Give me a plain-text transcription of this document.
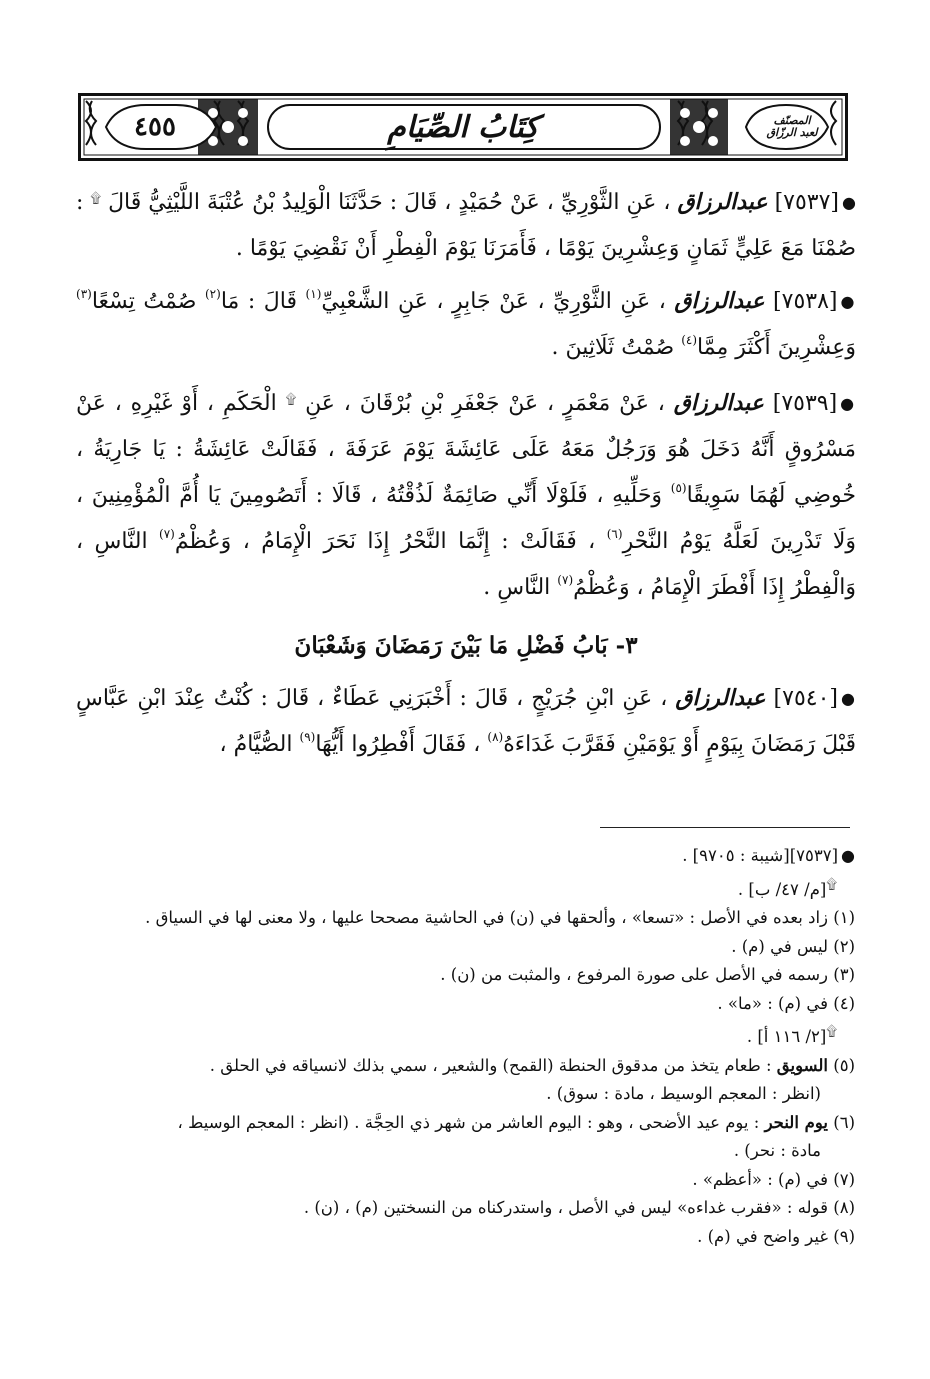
٤٥٥	كِتَابُ الصِّيَامِ	المصنّف
لعبد الرزّاق

●[٧٥٣٧] عبدالرزاق ، عَنِ الثَّوْرِيِّ ، عَنْ حُمَيْدٍ ، قَالَ : حَدَّثَنَا الْوَلِيدُ بْنُ عُتْبَةَ اللَّيْثِيُّ قَالَ ۩ : صُمْنَا مَعَ عَلِيٍّ ثَمَانٍ وَعِشْرِينَ يَوْمًا ، فَأَمَرَنَا يَوْمَ الْفِطْرِ أَنْ نَقْضِيَ يَوْمًا .

●[٧٥٣٨] عبدالرزاق ، عَنِ الثَّوْرِيِّ ، عَنْ جَابِرٍ ، عَنِ الشَّعْبِيِّ$^{(١)}$ قَالَ : مَا$^{(٢)}$ صُمْتُ تِسْعًا$^{(٣)}$ وَعِشْرِينَ أَكْثَرَ مِمَّا$^{(٤)}$ صُمْتُ ثَلَاثِينَ .

●[٧٥٣٩] عبدالرزاق ، عَنْ مَعْمَرٍ ، عَنْ جَعْفَرِ بْنِ بُرْقَانَ ، عَنِ ۩ الْحَكَمِ ، أَوْ غَيْرِهِ ، عَنْ مَسْرُوقٍ أَنَّهُ دَخَلَ هُوَ وَرَجُلٌ مَعَهُ عَلَى عَائِشَةَ يَوْمَ عَرَفَةَ ، فَقَالَتْ عَائِشَةُ : يَا جَارِيَةُ ، خُوضِي لَهُمَا سَوِيقًا$^{(٥)}$ وَحَلِّيهِ ، فَلَوْلَا أَنِّي صَائِمَةٌ لَذُقْتُهُ ، قَالَا : أَتَصُومِينَ يَا أُمَّ الْمُؤْمِنِينَ ، وَلَا تَدْرِينَ لَعَلَّهُ يَوْمُ النَّحْرِ$^{(٦)}$ ، فَقَالَتْ : إِنَّمَا النَّحْرُ إِذَا نَحَرَ الْإِمَامُ ، وَعُظْمُ$^{(٧)}$ النَّاسِ ، وَالْفِطْرُ إِذَا أَفْطَرَ الْإِمَامُ ، وَعُظْمُ$^{(٧)}$ النَّاسِ .

٣- بَابُ فَضْلِ مَا بَيْنَ رَمَضَانَ وَشَعْبَانَ

●[٧٥٤٠] عبدالرزاق ، عَنِ ابْنِ جُرَيْجٍ ، قَالَ : أَخْبَرَنِي عَطَاءٌ ، قَالَ : كُنْتُ عِنْدَ ابْنِ عَبَّاسٍ قَبْلَ رَمَضَانَ بِيَوْمٍ أَوْ يَوْمَيْنِ فَقَرَّبَ غَدَاءَهُ$^{(٨)}$ ، فَقَالَ أَفْطِرُوا أَيُّهَا$^{(٩)}$ الصُّيَّامُ ،

●[٧٥٣٧][شيبة : ٩٧٠٥] .

۩[م/ ٤٧/ ب] .

(١) زاد بعده في الأصل : «تسعا» ، وألحقها في (ن) في الحاشية مصححا عليها ، ولا معنى لها في السياق .

(٢) ليس في (م) .

(٣) رسمه في الأصل على صورة المرفوع ، والمثبت من (ن) .

(٤) في (م) : «ما» .

۩[٢/ ١١٦ أ] .

(٥) السويق : طعام يتخذ من مدقوق الحنطة (القمح) والشعير ، سمي بذلك لانسياقه في الحلق .

(انظر : المعجم الوسيط ، مادة : سوق) .

(٦) يوم النحر : يوم عيد الأضحى ، وهو : اليوم العاشر من شهر ذي الحِجَّة . (انظر : المعجم الوسيط ،

مادة : نحر) .

(٧) في (م) : «أعظم» .

(٨) قوله : «فقرب غداءه» ليس في الأصل ، واستدركناه من النسختين (م) ، (ن) .

(٩) غير واضح في (م) .
